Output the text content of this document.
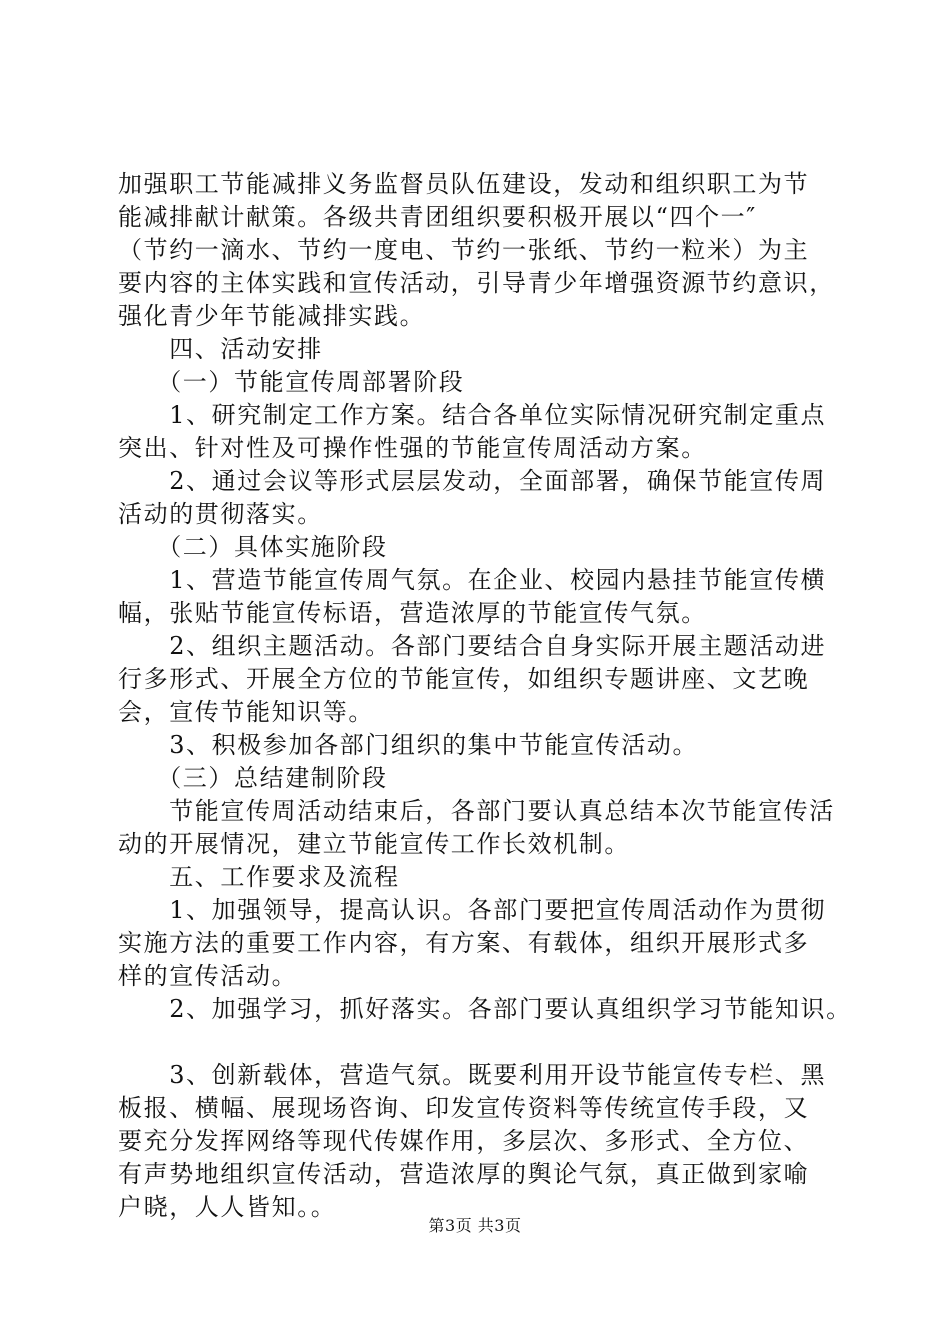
加强职工节能减排义务监督员队伍建设，发动和组织职工为节
能减排献计献策。各级共青团组织要积极开展以“四个一″
（节约一滴水、节约一度电、节约一张纸、节约一粒米）为主
要内容的主体实践和宣传活动，引导青少年增强资源节约意识，
强化青少年节能减排实践。
　　四、活动安排
　　（一）节能宣传周部署阶段
　　1、研究制定工作方案。结合各单位实际情况研究制定重点
突出、针对性及可操作性强的节能宣传周活动方案。
　　2、通过会议等形式层层发动，全面部署，确保节能宣传周
活动的贯彻落实。
　　（二）具体实施阶段
　　1、营造节能宣传周气氛。在企业、校园内悬挂节能宣传横
幅，张贴节能宣传标语，营造浓厚的节能宣传气氛。
　　2、组织主题活动。各部门要结合自身实际开展主题活动进
行多形式、开展全方位的节能宣传，如组织专题讲座、文艺晚
会，宣传节能知识等。
　　3、积极参加各部门组织的集中节能宣传活动。
　　（三）总结建制阶段
　　节能宣传周活动结束后，各部门要认真总结本次节能宣传活
动的开展情况，建立节能宣传工作长效机制。
　　五、工作要求及流程
　　1、加强领导，提高认识。各部门要把宣传周活动作为贯彻
实施方法的重要工作内容，有方案、有载体，组织开展形式多
样的宣传活动。
　　2、加强学习，抓好落实。各部门要认真组织学习节能知识。
　　3、创新载体，营造气氛。既要利用开设节能宣传专栏、黑
板报、横幅、展现场咨询、印发宣传资料等传统宣传手段，又
要充分发挥网络等现代传媒作用，多层次、多形式、全方位、
有声势地组织宣传活动，营造浓厚的舆论气氛，真正做到家喻
户晓，人人皆知。。
第3页 共3页
